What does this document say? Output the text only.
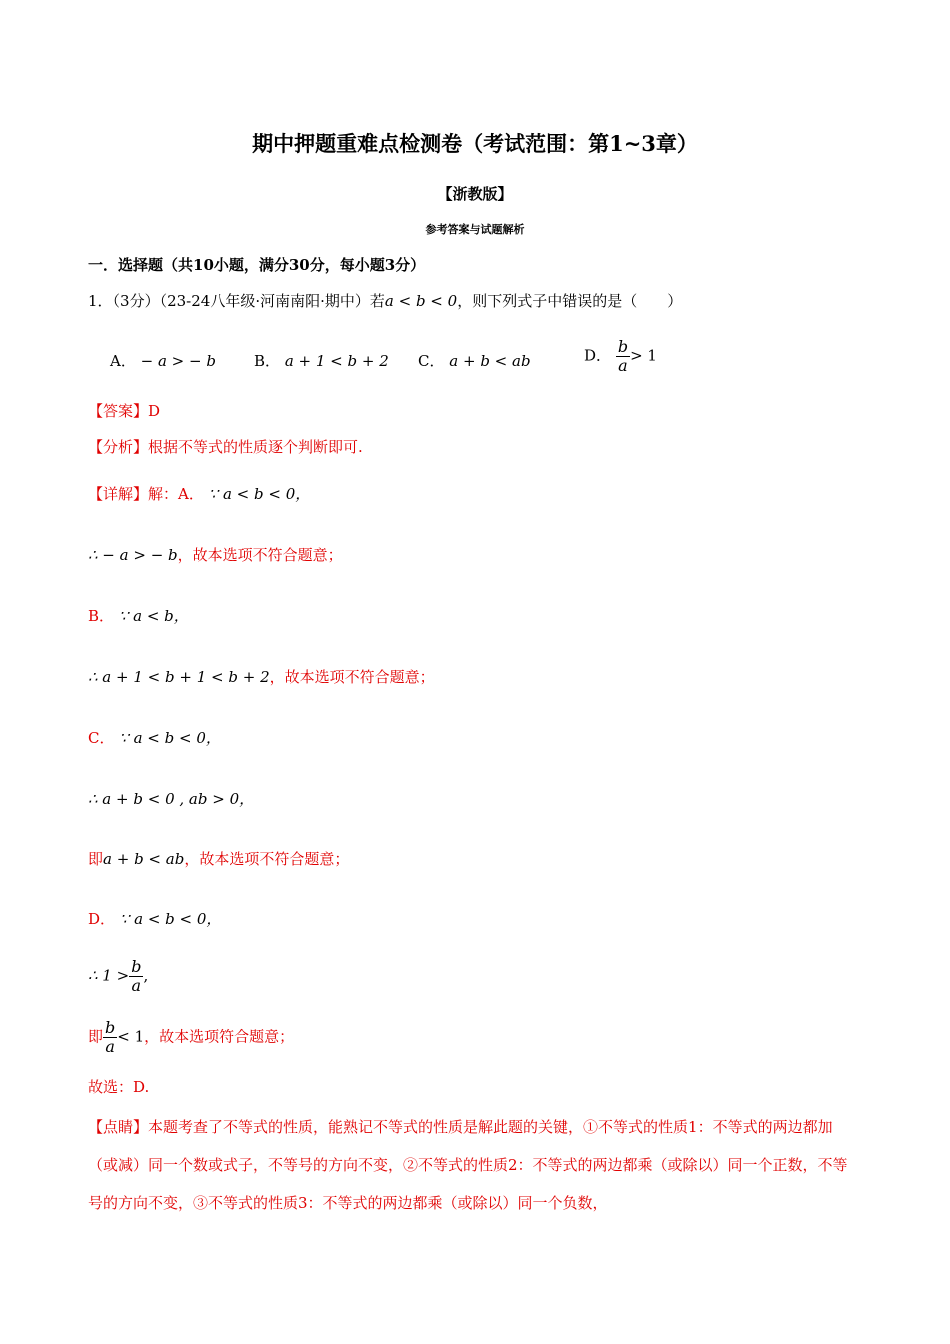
期中押题重难点检测卷（考试范围：第1~3章）
【浙教版】
参考答案与试题解析
一．选择题（共10小题，满分30分，每小题3分）
1．（3分）（23-24八年级·河南南阳·期中）若a < b < 0，则下列式子中错误的是（　　）
A． − a > − b	B． a + 1 < b + 2 C． a + b < ab	D． $\frac{b}{a} > 1$
【答案】D
【分析】根据不等式的性质逐个判断即可.
【详解】解：A． ∵ a < b < 0，
∴ − a > − b，故本选项不符合题意；
B． ∵ a < b，
∴ a + 1 < b + 1 < b + 2，故本选项不符合题意；
C． ∵ a < b < 0，
∴ a + b < 0 , ab > 0，
即a + b < ab，故本选项不符合题意；
D． ∵ a < b < 0，
∴ $1 > \frac{b}{a}$ ,
即 $\frac{b}{a} < 1$，故本选项符合题意；
故选：D.
【点睛】本题考查了不等式的性质，能熟记不等式的性质是解此题的关键，①不等式的性质1：不等式的两边都加（或减）同一个数或式子，不等号的方向不变，②不等式的性质2：不等式的两边都乘（或除以）同一个正数，不等号的方向不变，③不等式的性质3：不等式的两边都乘（或除以）同一个负数，
